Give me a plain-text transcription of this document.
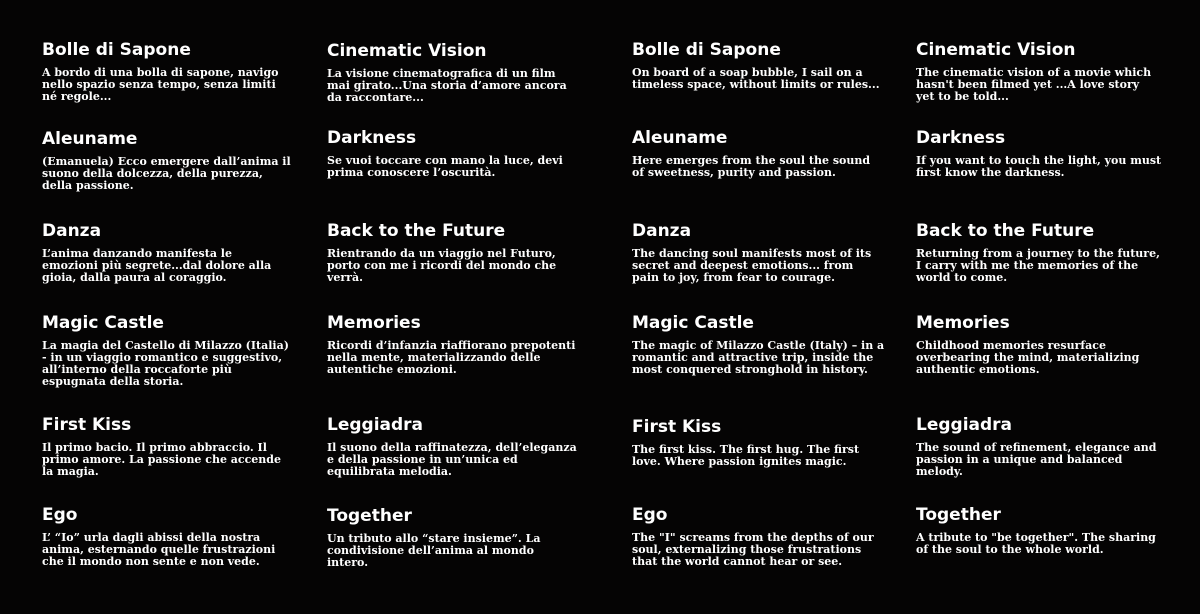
Bolle di Sapone

A bordo di una bolla di sapone, navigo
nello spazio senza tempo, senza limiti
né regole...

Aleuname

(Emanuela) Ecco emergere dall’anima il
suono della dolcezza, della purezza,
della passione.

Danza

L’anima danzando manifesta le
emozioni più segrete...dal dolore alla
gioia, dalla paura al coraggio.

Magic Castle

La magia del Castello di Milazzo (Italia)
- in un viaggio romantico e suggestivo,
all’interno della roccaforte più
espugnata della storia.

First Kiss

Il primo bacio. Il primo abbraccio. Il
primo amore. La passione che accende
la magia.

Ego

L’ “Io” urla dagli abissi della nostra
anima, esternando quelle frustrazioni
che il mondo non sente e non vede.

Cinematic Vision

La visione cinematografica di un film
mai girato...Una storia d’amore ancora
da raccontare...

Darkness

Se vuoi toccare con mano la luce, devi
prima conoscere l’oscurità.

Back to the Future

Rientrando da un viaggio nel Futuro,
porto con me i ricordi del mondo che
verrà.

Memories

Ricordi d’infanzia riaffiorano prepotenti
nella mente, materializzando delle
autentiche emozioni.

Leggiadra

Il suono della raffinatezza, dell’eleganza
e della passione in un’unica ed
equilibrata melodia.

Together

Un tributo allo “stare insieme”. La
condivisione dell’anima al mondo
intero.

Bolle di Sapone

On board of a soap bubble, I sail on a
timeless space, without limits or rules...

Aleuname

Here emerges from the soul the sound
of sweetness, purity and passion.

Danza

The dancing soul manifests most of its
secret and deepest emotions... from
pain to joy, from fear to courage.

Magic Castle

The magic of Milazzo Castle (Italy) – in a
romantic and attractive trip, inside the
most conquered stronghold in history.

First Kiss

The first kiss. The first hug. The first
love. Where passion ignites magic.

Ego

The "I" screams from the depths of our
soul, externalizing those frustrations
that the world cannot hear or see.

Cinematic Vision

The cinematic vision of a movie which
hasn't been filmed yet ...A love story
yet to be told...

Darkness

If you want to touch the light, you must
first know the darkness.

Back to the Future

Returning from a journey to the future,
I carry with me the memories of the
world to come.

Memories

Childhood memories resurface
overbearing the mind, materializing
authentic emotions.

Leggiadra

The sound of refinement, elegance and
passion in a unique and balanced
melody.

Together

A tribute to "be together". The sharing
of the soul to the whole world.
